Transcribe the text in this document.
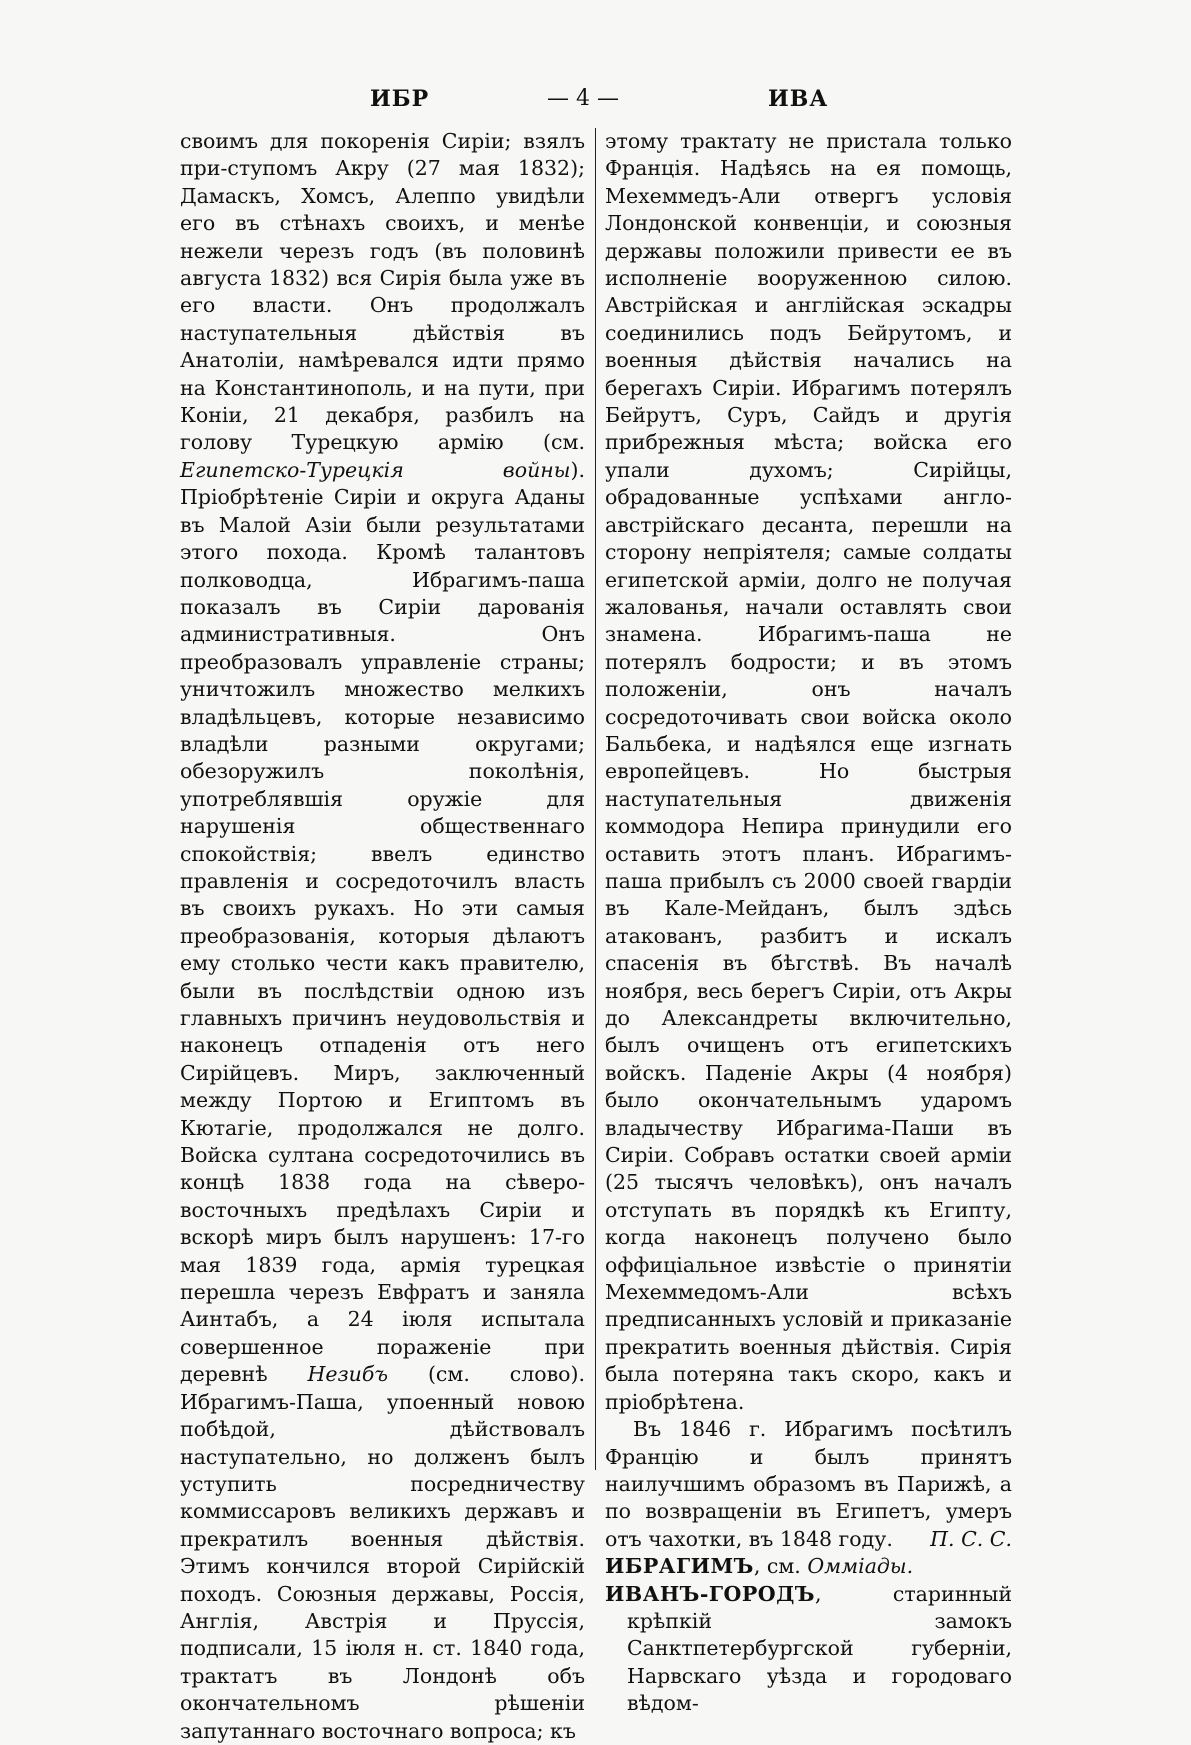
ИБР	— 4 —	ИВА

своимъ для покоренія Сиріи; взялъ при-ступомъ Акру (27 мая 1832); Дамаскъ, Хомсъ, Алеппо увидѣли его въ стѣнахъ своихъ, и менѣе нежели черезъ годъ (въ половинѣ августа 1832) вся Сирія была уже въ его власти. Онъ продолжалъ наступательныя дѣйствія въ Анатоліи, намѣревался идти прямо на Константинополь, и на пути, при Коніи, 21 декабря, разбилъ на голову Турецкую армію (см. Египетско-Турецкія войны). Пріобрѣтеніе Сиріи и округа Аданы въ Малой Азіи были результатами этого похода. Кромѣ талантовъ полководца, Ибрагимъ-паша показалъ въ Сиріи дарованія административныя. Онъ преобразовалъ управленіе страны; уничтожилъ множество мелкихъ владѣльцевъ, которые независимо владѣли разными округами; обезоружилъ поколѣнія, употреблявшія оружіе для нарушенія общественнаго спокойствія; ввелъ единство правленія и сосредоточилъ власть въ своихъ рукахъ. Но эти самыя преобразованія, которыя дѣлаютъ ему столько чести какъ правителю, были въ послѣдствіи одною изъ главныхъ причинъ неудовольствія и наконецъ отпаденія отъ него Сирійцевъ. Миръ, заключенный между Портою и Египтомъ въ Кютагіе, продолжался не долго. Войска султана сосредоточились въ концѣ 1838 года на сѣверо-восточныхъ предѣлахъ Сиріи и вскорѣ миръ былъ нарушенъ: 17-го мая 1839 года, армія турецкая перешла черезъ Евфратъ и заняла Аинтабъ, а 24 іюля испытала совершенное пораженіе при деревнѣ Незибъ (см. слово). Ибрагимъ-Паша, упоенный новою побѣдой, дѣйствовалъ наступательно, но долженъ былъ уступить посредничеству коммиссаровъ великихъ державъ и прекратилъ военныя дѣйствія. Этимъ кончился второй Сирійскій походъ. Союзныя державы, Россія, Англія, Австрія и Пруссія, подписали, 15 іюля н. ст. 1840 года, трактатъ въ Лондонѣ объ окончательномъ рѣшеніи запутаннаго восточнаго вопроса; къ

этому трактату не пристала только Франція. Надѣясь на ея помощь, Мехеммедъ-Али отвергъ условія Лондонской конвенціи, и союзныя державы положили привести ее въ исполненіе вооруженною силою. Австрійская и англійская эскадры соединились подъ Бейрутомъ, и военныя дѣйствія начались на берегахъ Сиріи. Ибрагимъ потерялъ Бейрутъ, Суръ, Сайдъ и другія прибрежныя мѣста; войска его упали духомъ; Сирійцы, обрадованные успѣхами англо-австрійскаго десанта, перешли на сторону непріятеля; самые солдаты египетской арміи, долго не получая жалованья, начали оставлять свои знамена. Ибрагимъ-паша не потерялъ бодрости; и въ этомъ положеніи, онъ началъ сосредоточивать свои войска около Бальбека, и надѣялся еще изгнать европейцевъ. Но быстрыя наступательныя движенія коммодора Непира принудили его оставить этотъ планъ. Ибрагимъ-паша прибылъ съ 2000 своей гвардіи въ Кале-Мейданъ, былъ здѣсь атакованъ, разбитъ и искалъ спасенія въ бѣгствѣ. Въ началѣ ноября, весь берегъ Сиріи, отъ Акры до Александреты включительно, былъ очищенъ отъ египетскихъ войскъ. Паденіе Акры (4 ноября) было окончательнымъ ударомъ владычеству Ибрагима-Паши въ Сиріи. Собравъ остатки своей арміи (25 тысячъ человѣкъ), онъ началъ отступать въ порядкѣ къ Египту, когда наконецъ получено было оффиціальное извѣстіе о принятіи Мехеммедомъ-Али всѣхъ предписанныхъ условій и приказаніе прекратить военныя дѣйствія. Сирія была потеряна такъ скоро, какъ и пріобрѣтена.

Въ 1846 г. Ибрагимъ посѣтилъ Францію и былъ принятъ наилучшимъ образомъ въ Парижѣ, а по возвращеніи въ Египетъ, умеръ отъ чахотки, въ 1848 году.	П. С. С.

ИБРАГИМЪ, см. Оммiады.

ИВАНЪ-ГОРОДЪ, старинный крѣпкій замокъ Санктпетербургской губерніи, Нарвскаго уѣзда и городоваго вѣдом-
